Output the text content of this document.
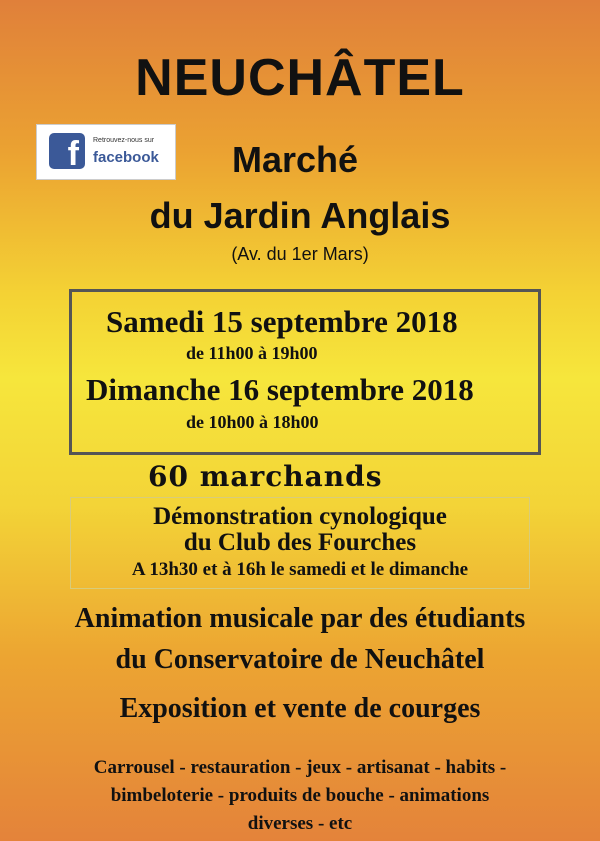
NEUCHÂTEL
f	Retrouvez-nous sur
facebook	Marché
du Jardin Anglais
(Av. du 1er Mars)
Samedi 15 septembre 2018
de 11h00 à 19h00
Dimanche 16 septembre 2018
de 10h00 à 18h00
60 marchands
Démonstration cynologique
du Club des Fourches
A 13h30 et à 16h le samedi et le dimanche
Animation musicale par des étudiants
du Conservatoire de Neuchâtel
Exposition et vente de courges
Carrousel - restauration - jeux - artisanat - habits -
bimbeloterie - produits de bouche - animations
diverses - etc
